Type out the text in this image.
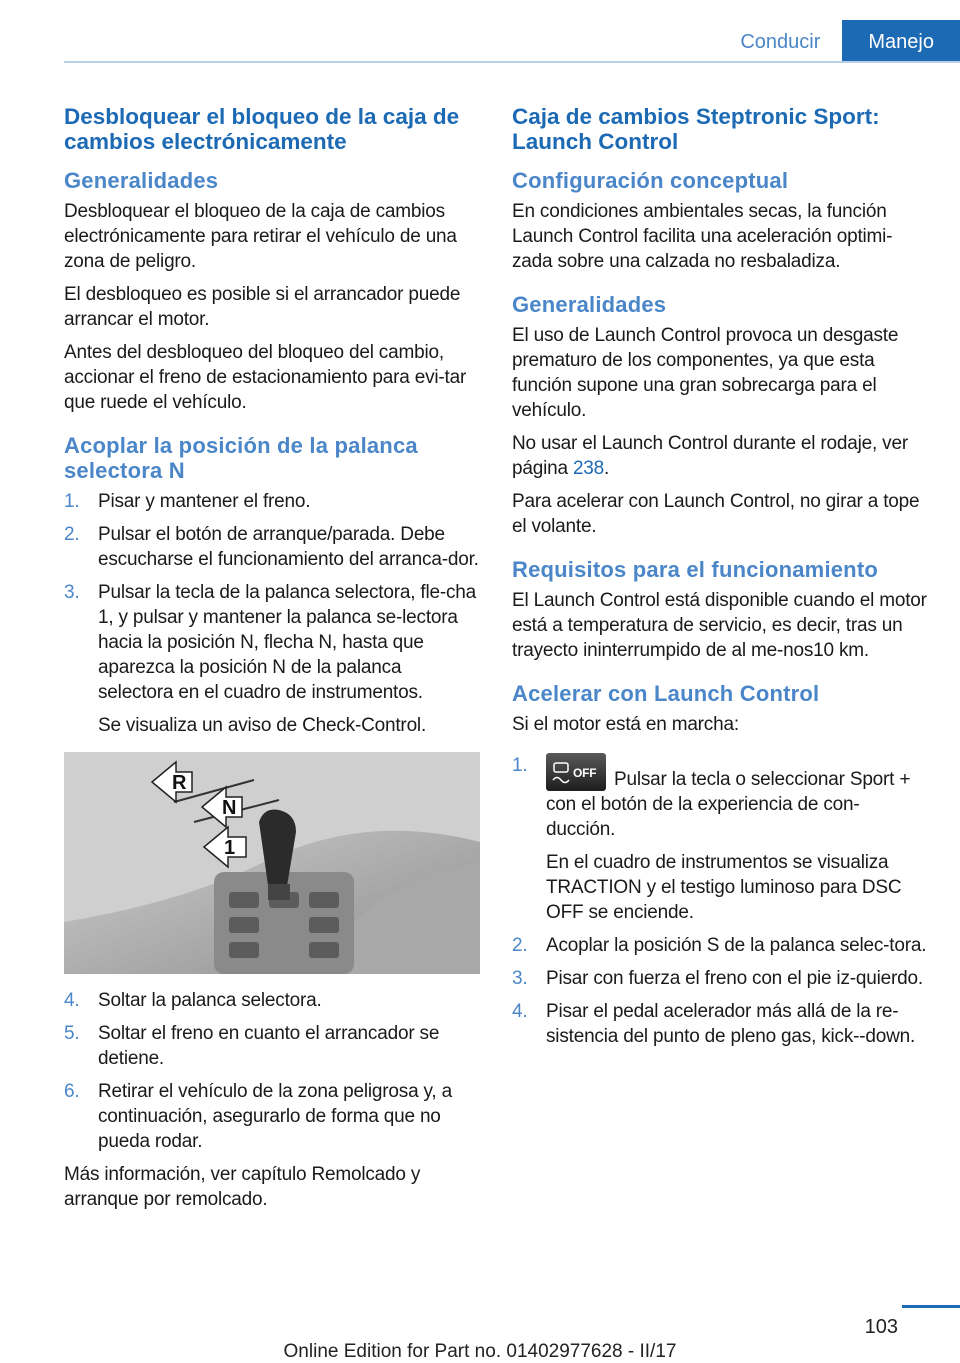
Conducir	Manejo
Desbloquear el bloqueo de la caja de cambios electrónicamente
Generalidades

Desbloquear el bloqueo de la caja de cambios electrónicamente para retirar el vehículo de una zona de peligro.

El desbloqueo es posible si el arrancador puede arrancar el motor.

Antes del desbloqueo del bloqueo del cambio, accionar el freno de estacionamiento para evi-tar que ruede el vehículo.

Acoplar la posición de la palanca selectora N
1. Pisar y mantener el freno.
2. Pulsar el botón de arranque/parada. Debe escucharse el funcionamiento del arranca-dor.
3. Pulsar la tecla de la palanca selectora, fle-cha 1, y pulsar y mantener la palanca se-lectora hacia la posición N, flecha N, hasta que aparezca la posición N de la palanca selectora en el cuadro de instrumentos.
Se visualiza un aviso de Check-Control.
R
N
1
4. Soltar la palanca selectora.
5. Soltar el freno en cuanto el arrancador se detiene.
6. Retirar el vehículo de la zona peligrosa y, a continuación, asegurarlo de forma que no pueda rodar.

Más información, ver capítulo Remolcado y arranque por remolcado.

Caja de cambios Steptronic Sport: Launch Control
Configuración conceptual

En condiciones ambientales secas, la función Launch Control facilita una aceleración optimi-zada sobre una calzada no resbaladiza.

Generalidades

El uso de Launch Control provoca un desgaste prematuro de los componentes, ya que esta función supone una gran sobrecarga para el vehículo.

No usar el Launch Control durante el rodaje, ver página 238.

Para acelerar con Launch Control, no girar a tope el volante.

Requisitos para el funcionamiento

El Launch Control está disponible cuando el motor está a temperatura de servicio, es decir, tras un trayecto ininterrumpido de al me-nos10 km.

Acelerar con Launch Control

Si el motor está en marcha:

1.	OFF Pulsar la tecla o seleccionar Sport + con el botón de la experiencia de con-ducción.
En el cuadro de instrumentos se visualiza TRACTION y el testigo luminoso para DSC OFF se enciende.
2. Acoplar la posición S de la palanca selec-tora.
3. Pisar con fuerza el freno con el pie iz-quierdo.
4. Pisar el pedal acelerador más allá de la re-sistencia del punto de pleno gas, kick--down.
103
Online Edition for Part no. 01402977628 - II/17
